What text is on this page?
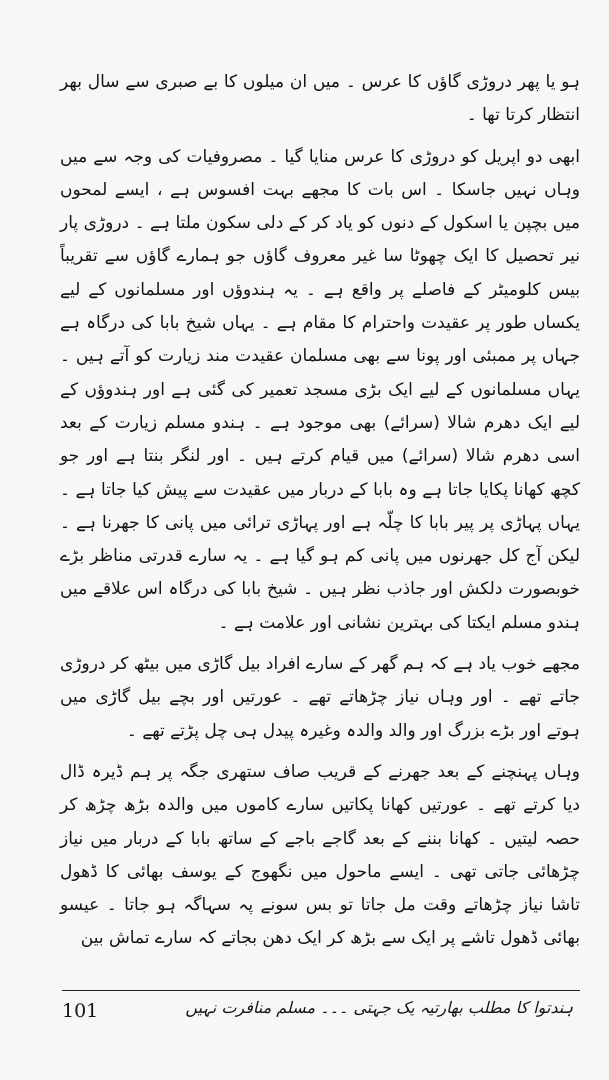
ہو یا پھر دروڑی گاؤں کا عرس ۔ میں ان میلوں کا بے صبری سے سال بھر انتظار کرتا تھا ۔

ابھی دو اپریل کو دروڑی کا عرس منایا گیا ۔ مصروفیات کی وجہ سے میں وہاں نہیں جاسکا ۔ اس بات کا مجھے بہت افسوس ہے ، ایسے لمحوں میں بچپن یا اسکول کے دنوں کو یاد کر کے دلی سکون ملتا ہے ۔ دروڑی پار نیر تحصیل کا ایک چھوٹا سا غیر معروف گاؤں جو ہمارے گاؤں سے تقریباً بیس کلومیٹر کے فاصلے پر واقع ہے ۔ یہ ہندوؤں اور مسلمانوں کے لیے یکساں طور پر عقیدت واحترام کا مقام ہے ۔ یہاں شیخ بابا کی درگاہ ہے جہاں پر ممبئی اور پونا سے بھی مسلمان عقیدت مند زیارت کو آتے ہیں ۔ یہاں مسلمانوں کے لیے ایک بڑی مسجد تعمیر کی گئی ہے اور ہندوؤں کے لیے ایک دھرم شالا (سرائے) بھی موجود ہے ۔ ہندو مسلم زیارت کے بعد اسی دھرم شالا (سرائے) میں قیام کرتے ہیں ۔ اور لنگر بنتا ہے اور جو کچھ کھانا پکایا جاتا ہے وہ بابا کے دربار میں عقیدت سے پیش کیا جاتا ہے ۔ یہاں پہاڑی پر پیر بابا کا چلّہ ہے اور پہاڑی ترائی میں پانی کا جھرنا ہے ۔ لیکن آج کل جھرنوں میں پانی کم ہو گیا ہے ۔ یہ سارے قدرتی مناظر بڑے خوبصورت دلکش اور جاذب نظر ہیں ۔ شیخ بابا کی درگاہ اس علاقے میں ہندو مسلم ایکتا کی بہترین نشانی اور علامت ہے ۔

مجھے خوب یاد ہے کہ ہم گھر کے سارے افراد بیل گاڑی میں بیٹھ کر دروڑی جاتے تھے ۔ اور وہاں نیاز چڑھاتے تھے ۔ عورتیں اور بچے بیل گاڑی میں ہوتے اور بڑے بزرگ اور والد والدہ وغیرہ پیدل ہی چل پڑتے تھے ۔

وہاں پہنچنے کے بعد جھرنے کے قریب صاف ستھری جگہ پر ہم ڈیرہ ڈال دیا کرتے تھے ۔ عورتیں کھانا پکاتیں سارے کاموں میں والدہ بڑھ چڑھ کر حصہ لیتیں ۔ کھانا بننے کے بعد گاجے باجے کے ساتھ بابا کے دربار میں نیاز چڑھائی جاتی تھی ۔ ایسے ماحول میں نگھوج کے یوسف بھائی کا ڈھول تاشا نیاز چڑھاتے وقت مل جاتا تو بس سونے پہ سہاگہ ہو جاتا ۔ عیسو بھائی ڈھول تاشے پر ایک سے بڑھ کر ایک دھن بجاتے کہ سارے تماش بین

101	ہندتوا کا مطلب بھارتیہ یک جہتی ۔۔۔ مسلم منافرت نہیں
